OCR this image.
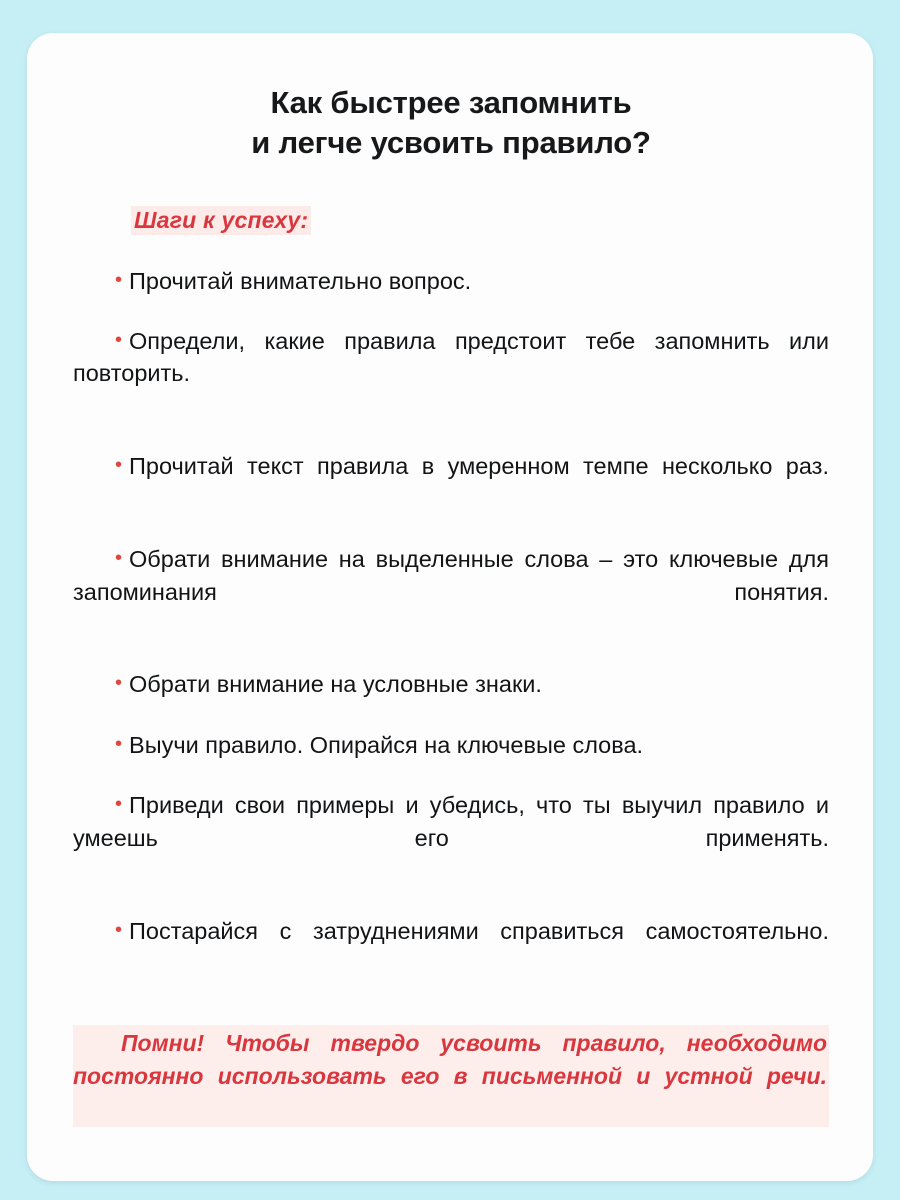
Как быстрее запомнить
и легче усвоить правило?
Шаги к успеху:
• Прочитай внимательно вопрос.
• Определи, какие правила предстоит тебе запомнить или повторить.
• Прочитай текст правила в умеренном темпе несколько раз.
• Обрати внимание на выделенные слова – это ключевые для запоминания понятия.
• Обрати внимание на условные знаки.
• Выучи правило. Опирайся на ключевые слова.
• Приведи свои примеры и убедись, что ты выучил правило и умеешь его применять.
• Постарайся с затруднениями справиться самостоятельно.

Помни! Чтобы твердо усвоить правило, необходимо постоянно использовать его в письменной и устной речи.
